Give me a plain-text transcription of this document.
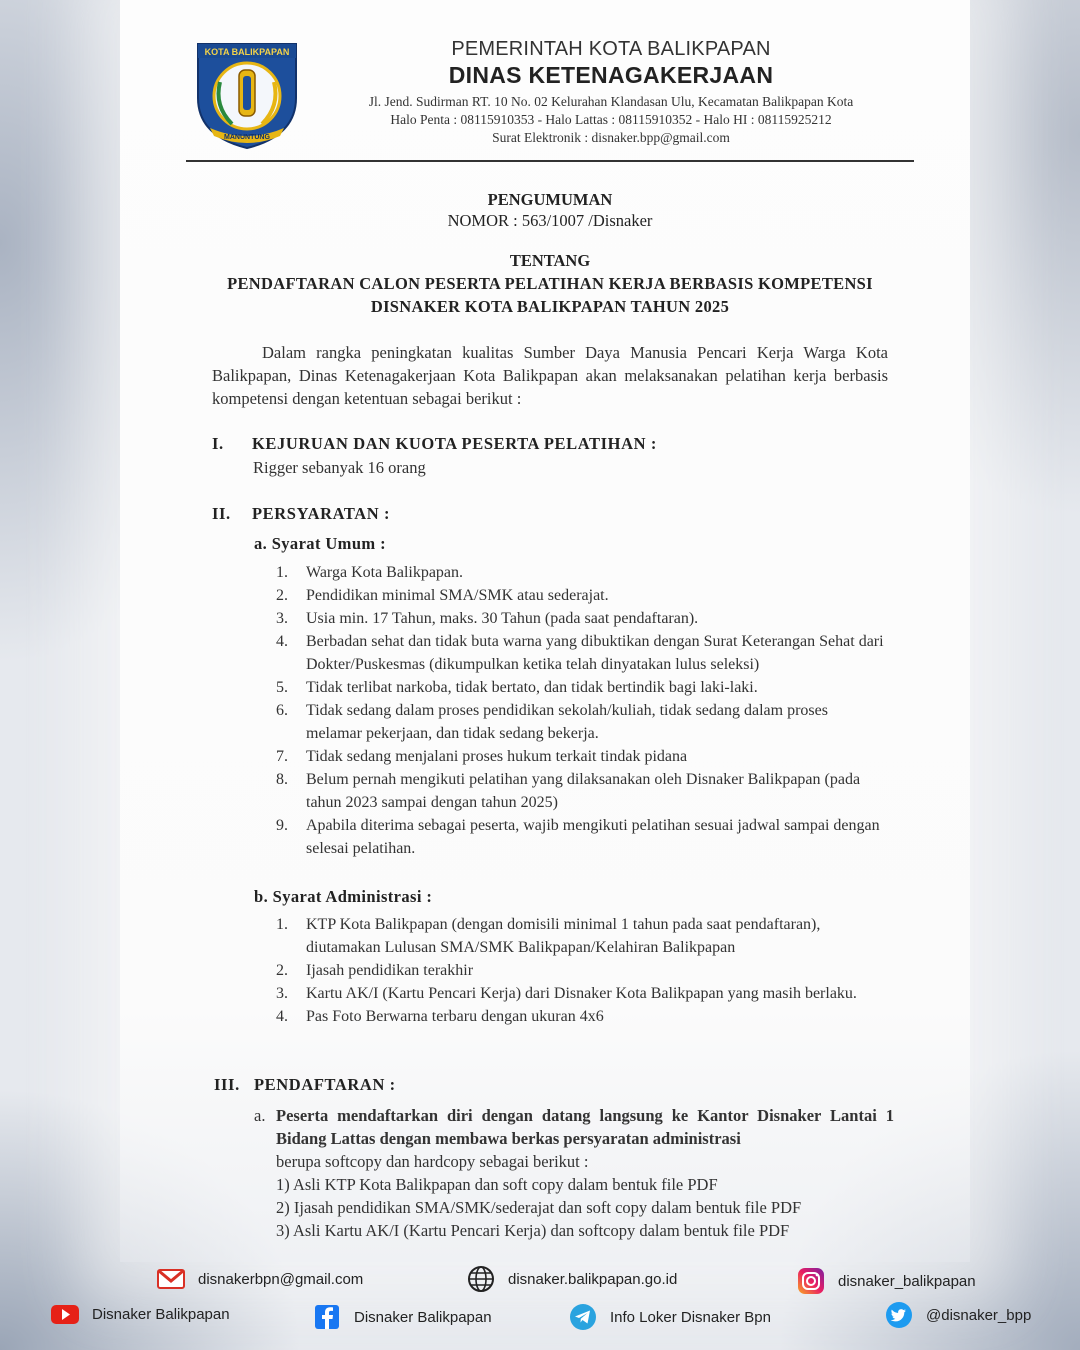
KOTA BALIKPAPAN
MANUNTUNG
PEMERINTAH KOTA BALIKPAPAN
DINAS KETENAGAKERJAAN
Jl. Jend. Sudirman RT. 10 No. 02 Kelurahan Klandasan Ulu, Kecamatan Balikpapan Kota
Halo Penta : 08115910353 - Halo Lattas : 08115910352 - Halo HI : 08115925212
Surat Elektronik : disnaker.bpp@gmail.com
PENGUMUMAN
NOMOR : 563/1007 /Disnaker
TENTANG
PENDAFTARAN CALON PESERTA PELATIHAN KERJA BERBASIS KOMPETENSI
DISNAKER KOTA BALIKPAPAN TAHUN 2025
Dalam rangka peningkatan kualitas Sumber Daya Manusia Pencari Kerja Warga Kota Balikpapan, Dinas Ketenagakerjaan Kota Balikpapan akan melaksanakan pelatihan kerja berbasis kompetensi dengan ketentuan sebagai berikut :
I. KEJURUAN DAN KUOTA PESERTA PELATIHAN :
Rigger sebanyak 16 orang
II. PERSYARATAN :
a. Syarat Umum :
1. Warga Kota Balikpapan.
2. Pendidikan minimal SMA/SMK atau sederajat.
3. Usia min. 17 Tahun, maks. 30 Tahun (pada saat pendaftaran).
4. Berbadan sehat dan tidak buta warna yang dibuktikan dengan Surat Keterangan Sehat dari Dokter/Puskesmas (dikumpulkan ketika telah dinyatakan lulus seleksi)
5. Tidak terlibat narkoba, tidak bertato, dan tidak bertindik bagi laki-laki.
6. Tidak sedang dalam proses pendidikan sekolah/kuliah, tidak sedang dalam proses melamar pekerjaan, dan tidak sedang bekerja.
7. Tidak sedang menjalani proses hukum terkait tindak pidana
8. Belum pernah mengikuti pelatihan yang dilaksanakan oleh Disnaker Balikpapan (pada tahun 2023 sampai dengan tahun 2025)
9. Apabila diterima sebagai peserta, wajib mengikuti pelatihan sesuai jadwal sampai dengan selesai pelatihan.
b. Syarat Administrasi :
1. KTP Kota Balikpapan (dengan domisili minimal 1 tahun pada saat pendaftaran), diutamakan Lulusan SMA/SMK Balikpapan/Kelahiran Balikpapan
2. Ijasah pendidikan terakhir
3. Kartu AK/I (Kartu Pencari Kerja) dari Disnaker Kota Balikpapan yang masih berlaku.
4. Pas Foto Berwarna terbaru dengan ukuran 4x6
III. PENDAFTARAN :
a. Peserta mendaftarkan diri dengan datang langsung ke Kantor Disnaker Lantai 1 Bidang Lattas dengan membawa berkas persyaratan administrasi
berupa softcopy dan hardcopy sebagai berikut :
1) Asli KTP Kota Balikpapan dan soft copy dalam bentuk file PDF
2) Ijasah pendidikan SMA/SMK/sederajat dan soft copy dalam bentuk file PDF
3) Asli Kartu AK/I (Kartu Pencari Kerja) dan softcopy dalam bentuk file PDF
disnakerbpn@gmail.com	disnaker.balikpapan.go.id	disnaker_balikpapan
Disnaker Balikpapan	Disnaker Balikpapan	Info Loker Disnaker Bpn	@disnaker_bpp
